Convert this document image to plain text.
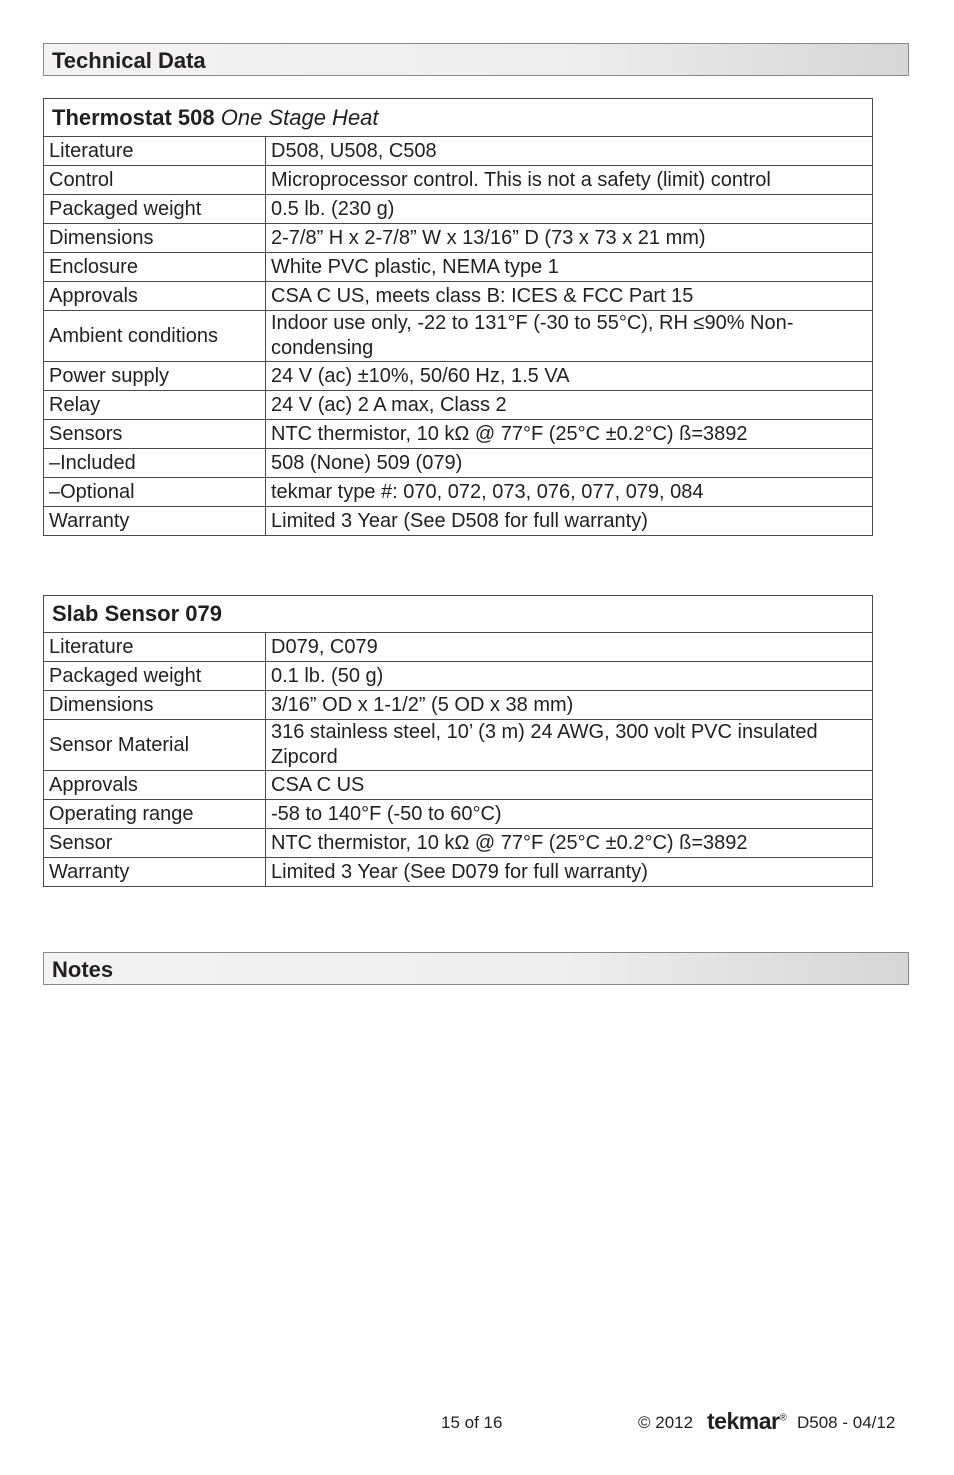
Technical Data
Thermostat 508 One Stage Heat	
Literature	D508, U508, C508
Control	Microprocessor control. This is not a safety (limit) control
Packaged weight	0.5 lb. (230 g)
Dimensions	2-7/8” H x 2-7/8” W x 13/16” D (73 x 73 x 21 mm)
Enclosure	White PVC plastic, NEMA type 1
Approvals	CSA C US, meets class B: ICES & FCC Part 15
Ambient conditions	Indoor use only, -22 to 131°F (-30 to 55°C), RH ≤90% Non-condensing
Power supply	24 V (ac) ±10%, 50/60 Hz, 1.5 VA
Relay	24 V (ac) 2 A max, Class 2
Sensors	NTC thermistor, 10 kΩ @ 77°F (25°C ±0.2°C) ß=3892
–Included	508 (None) 509 (079)
–Optional	tekmar type #: 070, 072, 073, 076, 077, 079, 084
Warranty	Limited 3 Year (See D508 for full warranty)
Slab Sensor 079	
Literature	D079, C079
Packaged weight	0.1 lb. (50 g)
Dimensions	3/16” OD x 1-1/2” (5 OD x 38 mm)
Sensor Material	316 stainless steel, 10’ (3 m) 24 AWG, 300 volt PVC insulated Zipcord
Approvals	CSA C US
Operating range	-58 to 140°F (-50 to 60°C)
Sensor	NTC thermistor, 10 kΩ @ 77°F (25°C ±0.2°C) ß=3892
Warranty	Limited 3 Year (See D079 for full warranty)
Notes
15 of 16	© 2012 tekmar® D508 - 04/12
